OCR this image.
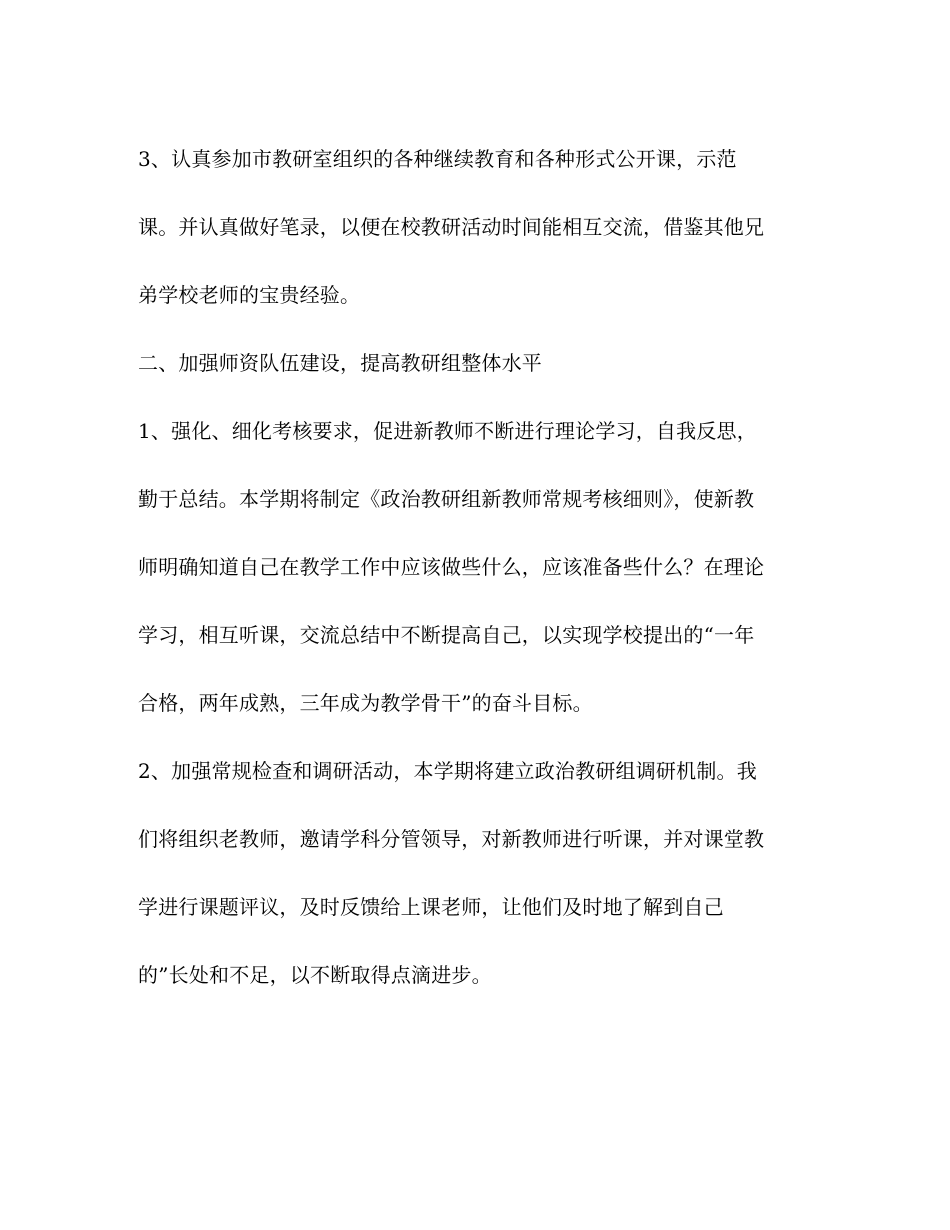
3、认真参加市教研室组织的各种继续教育和各种形式公开课，示范
课。并认真做好笔录，以便在校教研活动时间能相互交流，借鉴其他兄
弟学校老师的宝贵经验。
二、加强师资队伍建设，提高教研组整体水平
1、强化、细化考核要求，促进新教师不断进行理论学习，自我反思，
勤于总结。本学期将制定《政治教研组新教师常规考核细则》，使新教
师明确知道自己在教学工作中应该做些什么，应该准备些什么？在理论
学习，相互听课，交流总结中不断提高自己，以实现学校提出的“一年
合格，两年成熟，三年成为教学骨干”的奋斗目标。
2、加强常规检查和调研活动，本学期将建立政治教研组调研机制。我
们将组织老教师，邀请学科分管领导，对新教师进行听课，并对课堂教
学进行课题评议，及时反馈给上课老师，让他们及时地了解到自己
的”长处和不足，以不断取得点滴进步。
